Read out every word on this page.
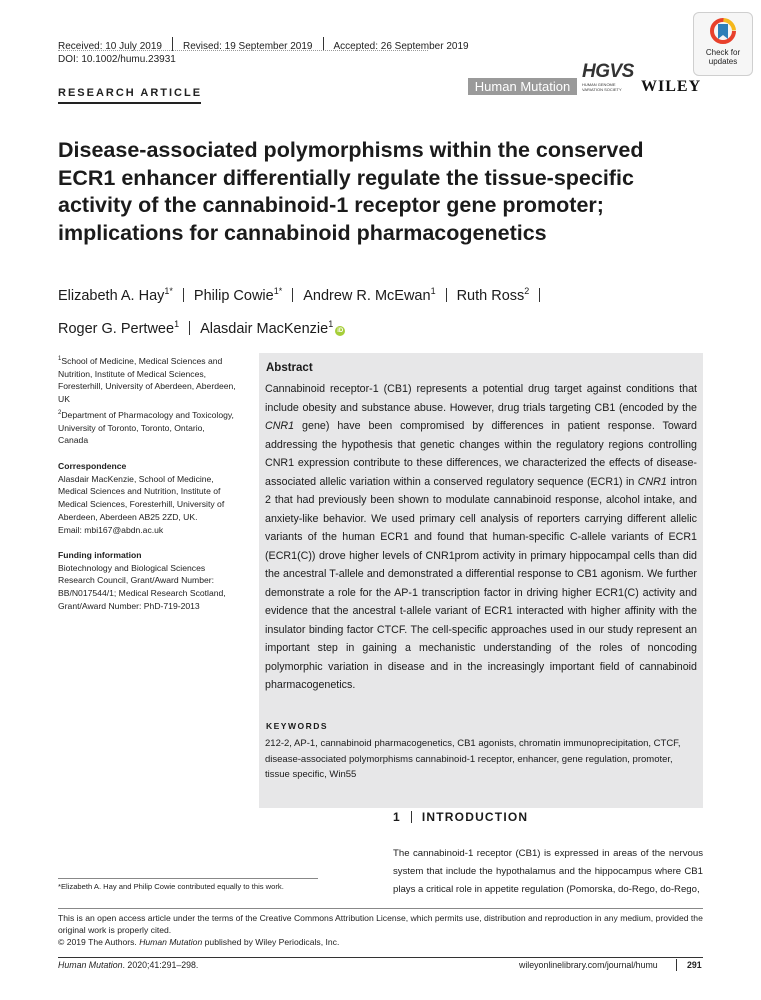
Received: 10 July 2019 Revised: 19 September 2019 Accepted: 26 September 2019
DOI: 10.1002/humu.23931
RESEARCH ARTICLE
Check for
updates
Human Mutation
HGVS
HUMAN GENOME VARIATION SOCIETY	WILEY
Disease-associated polymorphisms within the conserved ECR1 enhancer differentially regulate the tissue-specific activity of the cannabinoid-1 receptor gene promoter; implications for cannabinoid pharmacogenetics
Elizabeth A. Hay$^{1*}$ Philip Cowie$^{1*}$ Andrew R. McEwan$^1$ Ruth Ross$^2$
Roger G. Pertwee$^1$ Alasdair MacKenzie$^1$iD
$^1$School of Medicine, Medical Sciences and Nutrition, Institute of Medical Sciences, Foresterhill, University of Aberdeen, Aberdeen, UK
$^2$Department of Pharmacology and Toxicology, University of Toronto, Toronto, Ontario, Canada
Correspondence
Alasdair MacKenzie, School of Medicine, Medical Sciences and Nutrition, Institute of Medical Sciences, Foresterhill, University of Aberdeen, Aberdeen AB25 2ZD, UK.
Email: mbi167@abdn.ac.uk
Funding information
Biotechnology and Biological Sciences Research Council, Grant/Award Number: BB/N017544/1; Medical Research Scotland, Grant/Award Number: PhD-719-2013
Abstract
Cannabinoid receptor-1 (CB1) represents a potential drug target against conditions that include obesity and substance abuse. However, drug trials targeting CB1 (encoded by the CNR1 gene) have been compromised by differences in patient response. Toward addressing the hypothesis that genetic changes within the regulatory regions controlling CNR1 expression contribute to these differences, we characterized the effects of disease-associated allelic variation within a conserved regulatory sequence (ECR1) in CNR1 intron 2 that had previously been shown to modulate cannabinoid response, alcohol intake, and anxiety-like behavior. We used primary cell analysis of reporters carrying different allelic variants of the human ECR1 and found that human-specific C-allele variants of ECR1 (ECR1(C)) drove higher levels of CNR1prom activity in primary hippocampal cells than did the ancestral T-allele and demonstrated a differential response to CB1 agonism. We further demonstrate a role for the AP-1 transcription factor in driving higher ECR1(C) activity and evidence that the ancestral t-allele variant of ECR1 interacted with higher affinity with the insulator binding factor CTCF. The cell-specific approaches used in our study represent an important step in gaining a mechanistic understanding of the roles of noncoding polymorphic variation in disease and in the increasingly important field of cannabinoid pharmacogenetics.
KEYWORDS
212-2, AP-1, cannabinoid pharmacogenetics, CB1 agonists, chromatin immunoprecipitation, CTCF, disease-associated polymorphisms cannabinoid-1 receptor, enhancer, gene regulation, promoter, tissue specific, Win55
1 INTRODUCTION
The cannabinoid-1 receptor (CB1) is expressed in areas of the nervous system that include the hypothalamus and the hippocampus where CB1 plays a critical role in appetite regulation (Pomorska, do-Rego, do-Rego,
*Elizabeth A. Hay and Philip Cowie contributed equally to this work.
This is an open access article under the terms of the Creative Commons Attribution License, which permits use, distribution and reproduction in any medium, provided the original work is properly cited.
© 2019 The Authors. Human Mutation published by Wiley Periodicals, Inc.
Human Mutation. 2020;41:291–298.	wileyonlinelibrary.com/journal/humu	291
